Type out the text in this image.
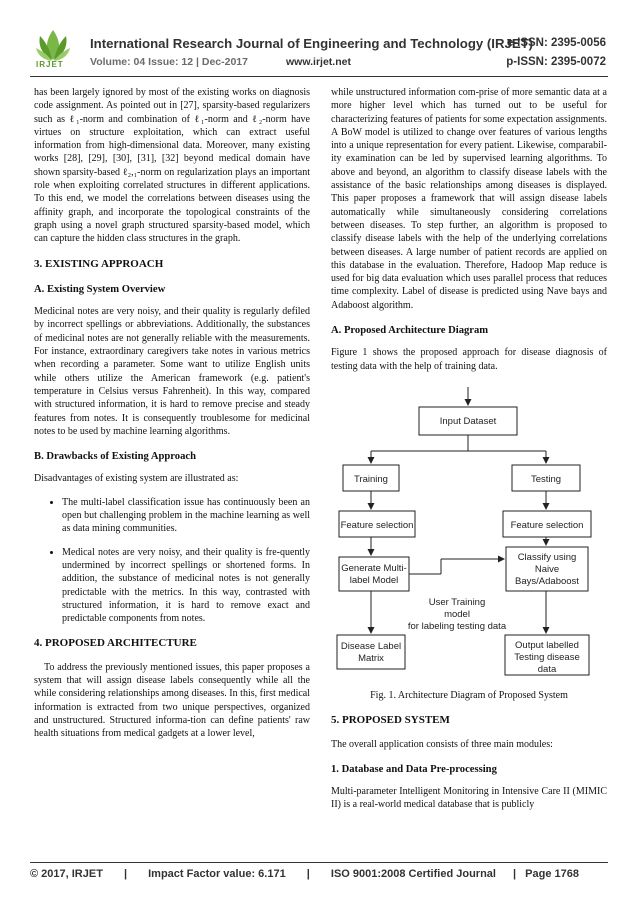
IRJET
International Research Journal of Engineering and Technology (IRJET)
e-ISSN: 2395-0056
Volume: 04 Issue: 12 | Dec-2017	www.irjet.net	p-ISSN: 2395-0072

has been largely ignored by most of the existing works on diagnosis code assignment. As pointed out in [27], sparsity-based regularizers such as ℓ₁-norm and combination of ℓ₁-norm and ℓ₂-norm have virtues on structure exploitation, which can extract useful information from high-dimensional data. Moreover, many existing works [28], [29], [30], [31], [32] beyond medical domain have shown sparsity-based ℓ₂,₁-norm on regularization plays an important role when exploiting correlated structures in different applications. To this end, we model the correlations between diseases using the affinity graph, and incorporate the topological constraints of the graph using a novel graph structured sparsity-based model, which can capture the hidden class structures in the graph.

3. EXISTING APPROACH
A. Existing System Overview

Medicinal notes are very noisy, and their quality is regularly defiled by incorrect spellings or abbreviations. Additionally, the substances of medicinal notes are not generally reliable with the measurements. For instance, extraordinary caregivers take notes in various metrics when recording a parameter. Some want to utilize English units while others utilize the American framework (e.g. patient's temperature in Celsius versus Fahrenheit). In this way, compared with structured information, it is hard to remove precise and steady features from notes. It is consequently troublesome for medicinal notes to be used by machine learning algorithms.

B. Drawbacks of Existing Approach

Disadvantages of existing system are illustrated as:

• The multi-label classification issue has continuously been an open but challenging problem in the machine learning as well as data mining communities.
• Medical notes are very noisy, and their quality is fre-quently undermined by incorrect spellings or shortened forms. In addition, the substance of medicinal notes is not generally predictable with the metrics. In this way, contrasted with structured information, it is hard to remove exact and predictable components from notes.
4. PROPOSED ARCHITECTURE

To address the previously mentioned issues, this paper proposes a system that will assign disease labels consequently while all the while considering relationships among diseases. In this, first medical information is extracted from two unique perspectives, organized and unstructured. Structured informa-tion can define patients' raw health situations from medical gadgets at a lower level,

while unstructured information com-prise of more semantic data at a more higher level which has turned out to be useful for characterizing features of patients for some expectation assignments. A BoW model is utilized to change over features of various lengths into a unique representation for every patient. Likewise, comparabil-ity examination can be led by supervised learning algorithms. To above and beyond, an algorithm to classify disease labels with the assistance of the basic relationships among diseases is displayed. This paper proposes a framework that will assign disease labels automatically while simultaneously considering correlations between diseases. To step further, an algorithm is proposed to classify disease labels with the help of the underlying correlations between diseases. A large number of patient records are applied on this database in the evaluation. Therefore, Hadoop Map reduce is used for big data evaluation which uses parallel process that reduces time complexity. Label of disease is predicted using Nave bays and Adaboost algorithm.

A. Proposed Architecture Diagram

Figure 1 shows the proposed approach for disease diagnosis of testing data with the help of training data.

Input Dataset
Training	Testing
Feature selection	Feature selection
Generate Multi-
label Model
Classify using
Naive
Bays/Adaboost
User Training
model
for labeling testing data
Disease Label
Matrix
Output labelled
Testing disease
data
Fig. 1. Architecture Diagram of Proposed System
5. PROPOSED SYSTEM

The overall application consists of three main modules:

1. Database and Data Pre-processing

Multi-parameter Intelligent Monitoring in Intensive Care II (MIMIC II) is a real-world medical database that is publicly

© 2017, IRJET | Impact Factor value: 6.171 | ISO 9001:2008 Certified Journal | Page 1768
